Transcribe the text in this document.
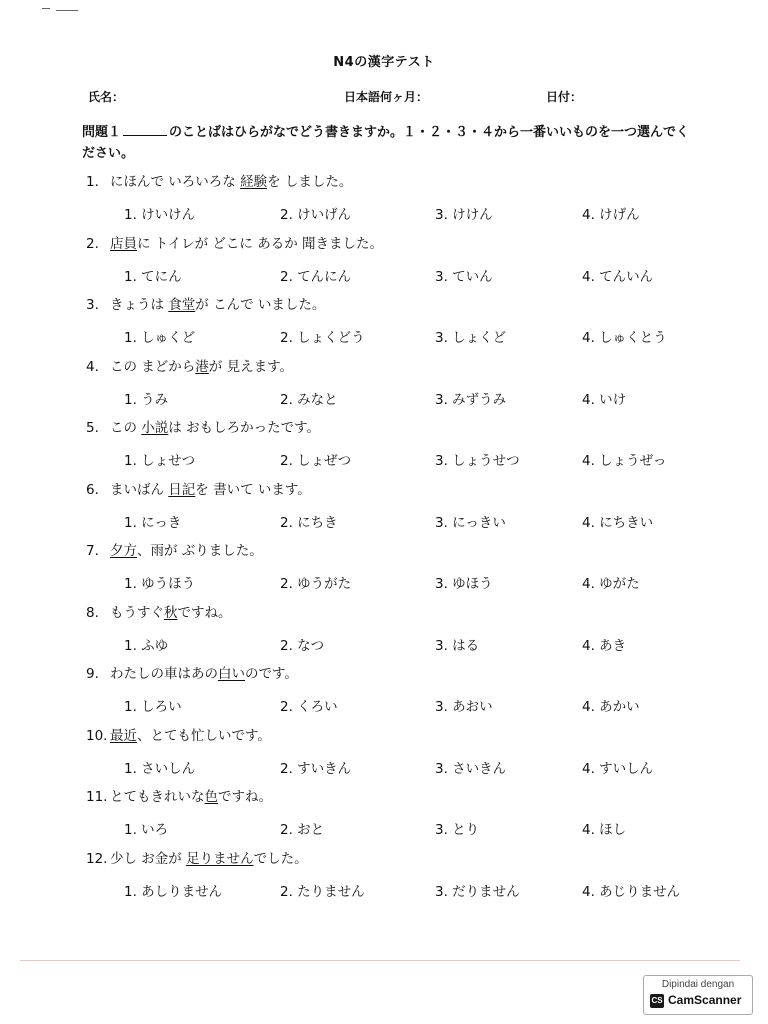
N4の漢字テスト
氏名：	日本語何ヶ月：	日付：
問題１	のことばはひらがなでどう書きますか。１・２・３・４から一番いいものを一つ選んでください。
1. にほんで いろいろな 経験を しました。
1. けいけん	2. けいげん	3. けけん	4. けげん
2. 店員に トイレが どこに あるか 聞きました。
1. てにん	2. てんにん	3. ていん	4. てんいん
3. きょうは 食堂が こんで いました。
1. しゅくど	2. しょくどう	3. しょくど	4. しゅくとう
4. この まどから港が 見えます。
1. うみ	2. みなと	3. みずうみ	4. いけ
5. この 小説は おもしろかったです。
1. しょせつ	2. しょぜつ	3. しょうせつ	4. しょうぜっ
6. まいばん 日記を 書いて います。
1. にっき	2. にちき	3. にっきい	4. にちきい
7. 夕方、雨が ぶりました。
1. ゆうほう	2. ゆうがた	3. ゆほう	4. ゆがた
8. もうすぐ秋ですね。
1. ふゆ	2. なつ	3. はる	4. あき
9. わたしの車はあの白いのです。
1. しろい	2. くろい	3. あおい	4. あかい
10. 最近、とても忙しいです。
1. さいしん	2. すいきん	3. さいきん	4. すいしん
11. とてもきれいな色ですね。
1. いろ	2. おと	3. とり	4. ほし
12. 少し お金が 足りませんでした。
1. あしりません	2. たりません	3. だりません	4. あじりません
Dipindai dengan
CS CamScanner
